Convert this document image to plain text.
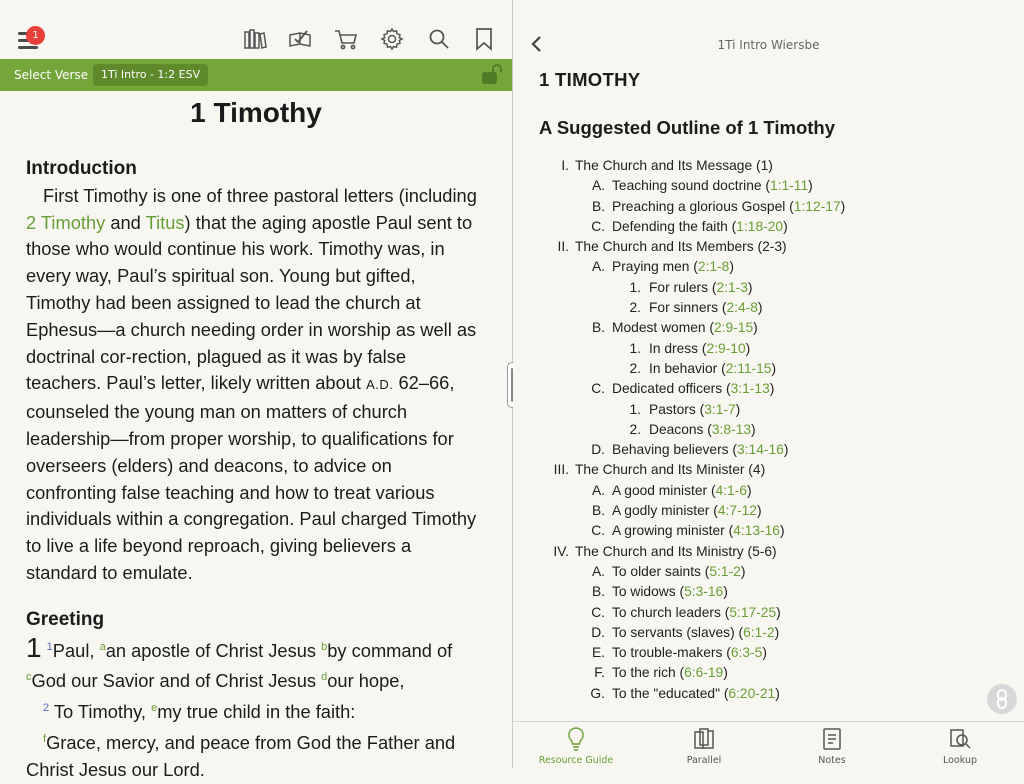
1
Select Verse	1Ti Intro - 1:2 ESV
1 Timothy
Introduction
First Timothy is one of three pastoral letters (including 2 Timothy and Titus) that the aging apostle Paul sent to those who would continue his work. Timothy was, in every way, Paul’s spiritual son. Young but gifted, Timothy had been assigned to lead the church at Ephesus—a church needing order in worship as well as doctrinal cor-rection, plagued as it was by false teachers. Paul’s letter, likely written about A.D. 62–66, counseled the young man on matters of church leadership—from proper worship, to qualifications for overseers (elders) and deacons, to advice on confronting false teaching and how to treat various individuals within a congregation. Paul charged Timothy to live a life beyond reproach, giving believers a standard to emulate.
Greeting
1 $^1$Paul, $^a$an apostle of Christ Jesus $^b$by command of
$^c$God our Savior and of Christ Jesus $^d$our hope,
$^2$ To Timothy, $^e$my true child in the faith:
$^f$Grace, mercy, and peace from God the Father and Christ Jesus our Lord.
1Ti Intro Wiersbe
1 TIMOTHY
A Suggested Outline of 1 Timothy
I. The Church and Its Message (1)
A. Teaching sound doctrine (1:1-11)
B. Preaching a glorious Gospel (1:12-17)
C. Defending the faith (1:18-20)
II. The Church and Its Members (2-3)
A. Praying men (2:1-8)
1. For rulers (2:1-3)
2. For sinners (2:4-8)
B. Modest women (2:9-15)
1. In dress (2:9-10)
2. In behavior (2:11-15)
C. Dedicated officers (3:1-13)
1. Pastors (3:1-7)
2. Deacons (3:8-13)
D. Behaving believers (3:14-16)
III. The Church and Its Minister (4)
A. A good minister (4:1-6)
B. A godly minister (4:7-12)
C. A growing minister (4:13-16)
IV. The Church and Its Ministry (5-6)
A. To older saints (5:1-2)
B. To widows (5:3-16)
C. To church leaders (5:17-25)
D. To servants (slaves) (6:1-2)
E. To trouble-makers (6:3-5)
F. To the rich (6:6-19)
G. To the "educated" (6:20-21)
Resource Guide	Parallel	Notes	Lookup
